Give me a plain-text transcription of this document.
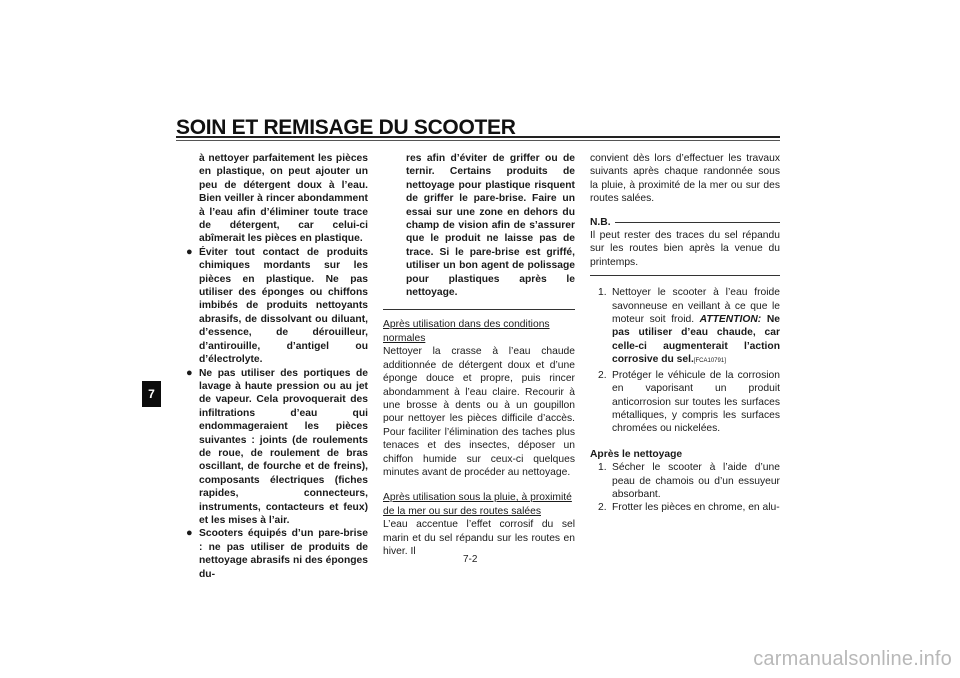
SOIN ET REMISAGE DU SCOOTER
7
à nettoyer parfaitement les pièces en plastique, on peut ajouter un peu de détergent doux à l’eau. Bien veiller à rincer abondamment à l’eau afin d’éliminer toute trace de détergent, car celui-ci abîmerait les pièces en plastique.
● Éviter tout contact de produits chimiques mordants sur les pièces en plastique. Ne pas utiliser des éponges ou chiffons imbibés de produits nettoyants abrasifs, de dissolvant ou diluant, d’essence, de dérouilleur, d’antirouille, d’antigel ou d’électrolyte.
● Ne pas utiliser des portiques de lavage à haute pression ou au jet de vapeur. Cela provoquerait des infiltrations d’eau qui endommageraient les pièces suivantes : joints (de roulements de roue, de roulement de bras oscillant, de fourche et de freins), composants électriques (fiches rapides, connecteurs, instruments, contacteurs et feux) et les mises à l’air.
● Scooters équipés d’un pare-brise : ne pas utiliser de produits de nettoyage abrasifs ni des éponges du-
res afin d’éviter de griffer ou de ternir. Certains produits de nettoyage pour plastique risquent de griffer le pare-brise. Faire un essai sur une zone en dehors du champ de vision afin de s’assurer que le produit ne laisse pas de trace. Si le pare-brise est griffé, utiliser un bon agent de polissage pour plastiques après le nettoyage.
Après utilisation dans des conditions normales
Nettoyer la crasse à l’eau chaude additionnée de détergent doux et d’une éponge douce et propre, puis rincer abondamment à l’eau claire. Recourir à une brosse à dents ou à un goupillon pour nettoyer les pièces difficile d’accès. Pour faciliter l’élimination des taches plus tenaces et des insectes, déposer un chiffon humide sur ceux-ci quelques minutes avant de procéder au nettoyage.
Après utilisation sous la pluie, à proximité de la mer ou sur des routes salées
L’eau accentue l’effet corrosif du sel marin et du sel répandu sur les routes en hiver. Il
convient dès lors d’effectuer les travaux suivants après chaque randonnée sous la pluie, à proximité de la mer ou sur des routes salées.
N.B.
Il peut rester des traces du sel répandu sur les routes bien après la venue du printemps.
1. Nettoyer le scooter à l’eau froide savonneuse en veillant à ce que le moteur soit froid. ATTENTION: Ne pas utiliser d’eau chaude, car celle-ci augmenterait l’action corrosive du sel.[FCA10791]
2. Protéger le véhicule de la corrosion en vaporisant un produit anticorrosion sur toutes les surfaces métalliques, y compris les surfaces chromées ou nickelées.
Après le nettoyage
1. Sécher le scooter à l’aide d’une peau de chamois ou d’un essuyeur absorbant.
2. Frotter les pièces en chrome, en alu-
7-2
carmanualsonline.info
